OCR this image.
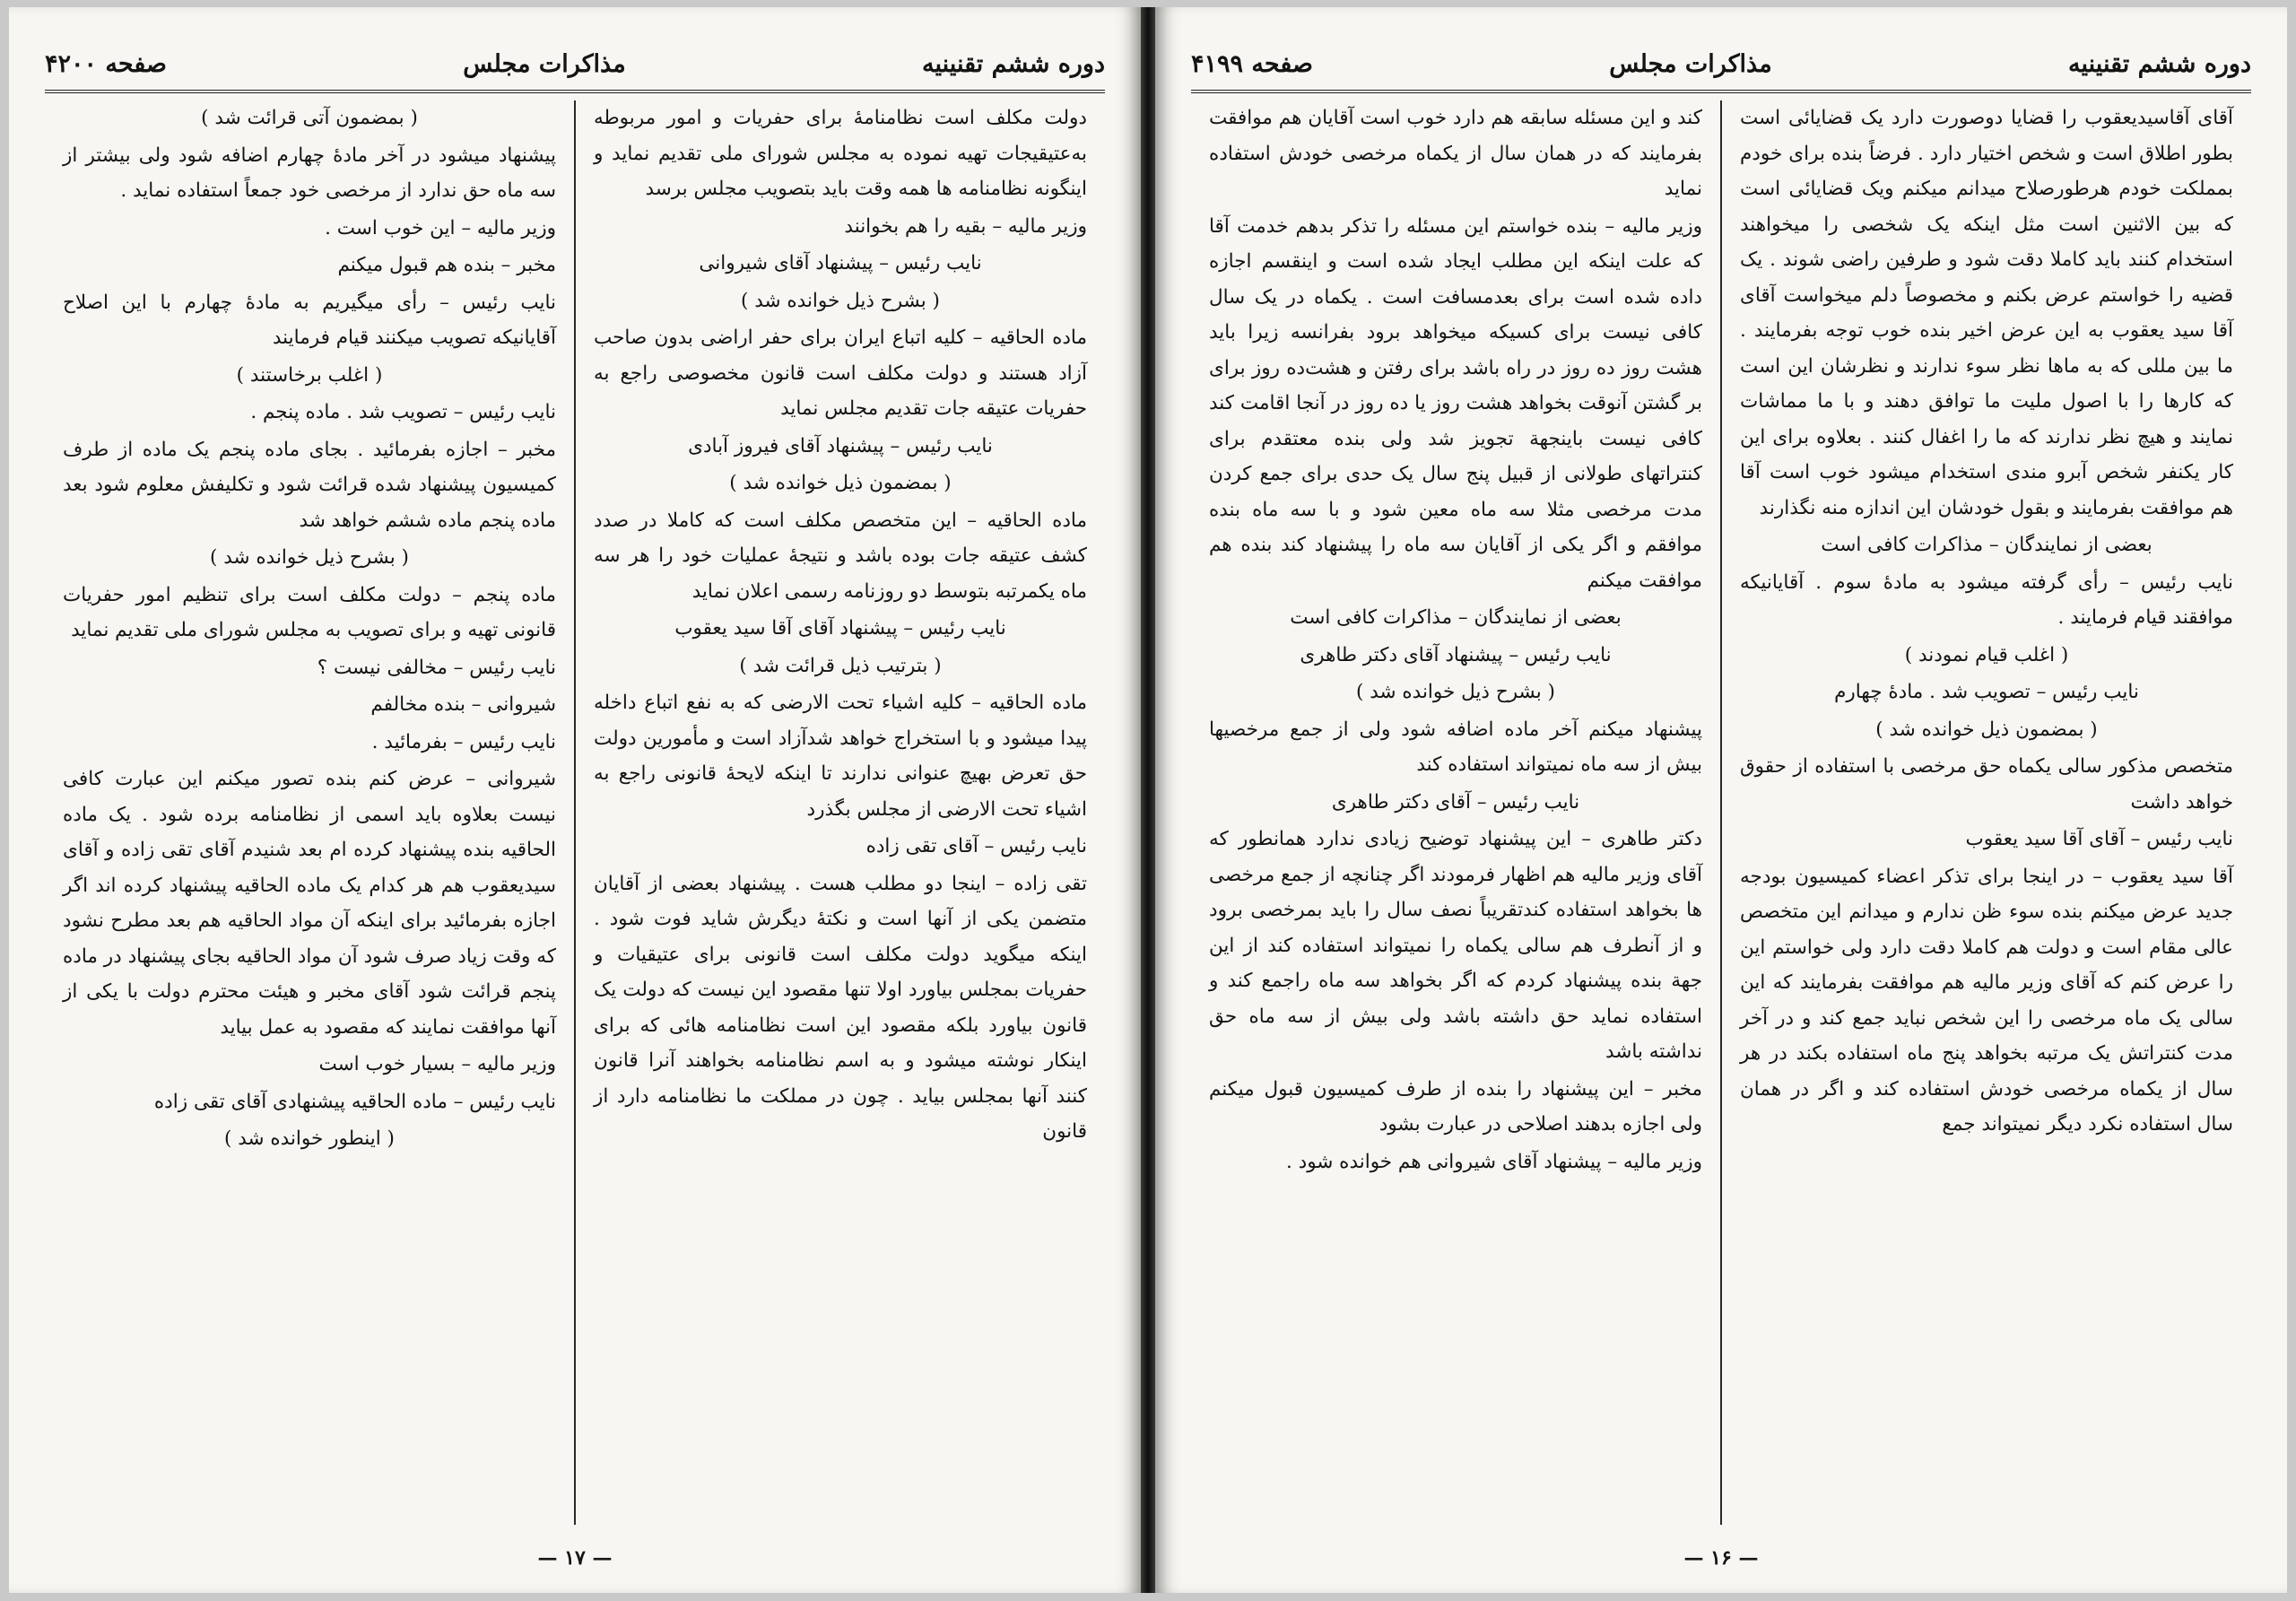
دوره ششم تقنینیه
مذاکرات مجلس
صفحه ۴۲۰۰

دولت مکلف است نظامنامهٔ برای حفریات و امور مربوطه به‌عتیقیجات تهیه نموده به مجلس شورای ملی تقدیم نماید و اینگونه نظامنامه ها همه وقت باید بتصویب مجلس برسد

وزیر مالیه – بقیه را هم بخوانند

نایب رئیس – پیشنهاد آقای شیروانی

( بشرح ذیل خوانده شد )

ماده الحاقیه – کلیه اتباع ایران برای حفر اراضی بدون صاحب آزاد هستند و دولت مکلف است قانون مخصوصی راجع به حفریات عتیقه جات تقدیم مجلس نماید

نایب رئیس – پیشنهاد آقای فیروز آبادی

( بمضمون ذیل خوانده شد )

ماده الحاقیه – این متخصص مکلف است که کاملا در صدد کشف عتیقه جات بوده باشد و نتیجهٔ عملیات خود را هر سه ماه یکمرتبه بتوسط دو روزنامه رسمی اعلان نماید

نایب رئیس – پیشنهاد آقای آقا سید یعقوب

( بترتیب ذیل قرائت شد )

ماده الحاقیه – کلیه اشیاء تحت الارضی که به نفع اتباع داخله پیدا میشود و با استخراج خواهد شدآزاد است و مأمورین دولت حق تعرض بهیچ عنوانی ندارند تا اینکه لایحهٔ قانونی راجع به اشیاء تحت الارضی از مجلس بگذرد

نایب رئیس – آقای تقی زاده

تقی زاده – اینجا دو مطلب هست . پیشنهاد بعضی از آقایان متضمن یکی از آنها است و نکتهٔ دیگرش شاید فوت شود . اینکه میگوید دولت مکلف است قانونی برای عتیقیات و حفریات بمجلس بیاورد اولا تنها مقصود این نیست که دولت یک قانون بیاورد بلکه مقصود این است نظامنامه هائی که برای اینکار نوشته میشود و به اسم نظامنامه بخواهند آنرا قانون کنند آنها بمجلس بیاید . چون در مملکت ما نظامنامه دارد از قانون

( بمضمون آتی قرائت شد )

پیشنهاد میشود در آخر مادهٔ چهارم اضافه شود ولی بیشتر از سه ماه حق ندارد از مرخصی خود جمعاً استفاده نماید .

وزیر مالیه – این خوب است .

مخبر – بنده هم قبول میکنم

نایب رئیس – رأی میگیریم به مادهٔ چهارم با این اصلاح آقایانیکه تصویب میکنند قیام فرمایند

( اغلب برخاستند )

نایب رئیس – تصویب شد . ماده پنجم .

مخبر – اجازه بفرمائید . بجای ماده پنجم یک ماده از طرف کمیسیون پیشنهاد شده قرائت شود و تکلیفش معلوم شود بعد ماده پنجم ماده ششم خواهد شد

( بشرح ذیل خوانده شد )

ماده پنجم – دولت مکلف است برای تنظیم امور حفریات قانونی تهیه و برای تصویب به مجلس شورای ملی تقدیم نماید

نایب رئیس – مخالفی نیست ؟

شیروانی – بنده مخالفم

نایب رئیس – بفرمائید .

شیروانی – عرض کنم بنده تصور میکنم این عبارت کافی نیست بعلاوه باید اسمی از نظامنامه برده شود . یک ماده الحاقیه بنده پیشنهاد کرده ام بعد شنیدم آقای تقی زاده و آقای سیدیعقوب هم هر کدام یک ماده الحاقیه پیشنهاد کرده اند اگر اجازه بفرمائید برای اینکه آن مواد الحاقیه هم بعد مطرح نشود که وقت زیاد صرف شود آن مواد الحاقیه بجای پیشنهاد در ماده پنجم قرائت شود آقای مخبر و هیئت محترم دولت با یکی از آنها موافقت نمایند که مقصود به عمل بیاید

وزیر مالیه – بسیار خوب است

نایب رئیس – ماده الحاقیه پیشنهادی آقای تقی زاده

( اینطور خوانده شد )

— ۱۷ —
دوره ششم تقنینیه
مذاکرات مجلس
صفحه ۴۱۹۹

آقای آقاسیدیعقوب را قضایا دوصورت دارد یک قضایائی است بطور اطلاق است و شخص اختیار دارد . فرضاً بنده برای خودم بمملکت خودم هرطورصلاح میدانم میکنم ویک قضایائی است که بین الاثنین است مثل اینکه یک شخصی را میخواهند استخدام کنند باید کاملا دقت شود و طرفین راضی شوند . یک قضیه را خواستم عرض بکنم و مخصوصاً دلم میخواست آقای آقا سید یعقوب به این عرض اخیر بنده خوب توجه بفرمایند . ما بین مللی که به ماها نظر سوء ندارند و نظرشان این است که کارها را با اصول ملیت ما توافق دهند و با ما مماشات نمایند و هیچ نظر ندارند که ما را اغفال کنند . بعلاوه برای این کار یکنفر شخص آبرو مندی استخدام میشود خوب است آقا هم موافقت بفرمایند و بقول خودشان این اندازه منه نگذارند

بعضی از نمایندگان – مذاکرات کافی است

نایب رئیس – رأی گرفته میشود به مادهٔ سوم . آقایانیکه موافقند قیام فرمایند .

( اغلب قیام نمودند )

نایب رئیس – تصویب شد . مادهٔ چهارم

( بمضمون ذیل خوانده شد )

متخصص مذکور سالی یکماه حق مرخصی با استفاده از حقوق خواهد داشت

نایب رئیس – آقای آقا سید یعقوب

آقا سید یعقوب – در اینجا برای تذکر اعضاء کمیسیون بودجه جدید عرض میکنم بنده سوء ظن ندارم و میدانم این متخصص عالی مقام است و دولت هم کاملا دقت دارد ولی خواستم این را عرض کنم که آقای وزیر مالیه هم موافقت بفرمایند که این سالی یک ماه مرخصی را این شخص نباید جمع کند و در آخر مدت کنتراتش یک مرتبه بخواهد پنج ماه استفاده بکند در هر سال از یکماه مرخصی خودش استفاده کند و اگر در همان سال استفاده نکرد دیگر نمیتواند جمع

کند و این مسئله سابقه هم دارد خوب است آقایان هم موافقت بفرمایند که در همان سال از یکماه مرخصی خودش استفاده نماید

وزیر مالیه – بنده خواستم این مسئله را تذکر بدهم خدمت آقا که علت اینکه این مطلب ایجاد شده است و اینقسم اجازه داده شده است برای بعدمسافت است . یکماه در یک سال کافی نیست برای کسیکه میخواهد برود بفرانسه زیرا باید هشت روز ده روز در راه باشد برای رفتن و هشت‌ده روز برای بر گشتن آنوقت بخواهد هشت روز یا ده روز در آنجا اقامت کند کافی نیست باینجهة تجویز شد ولی بنده معتقدم برای کنتراتهای طولانی از قبیل پنج سال یک حدی برای جمع کردن مدت مرخصی مثلا سه ماه معین شود و با سه ماه بنده موافقم و اگر یکی از آقایان سه ماه را پیشنهاد کند بنده هم موافقت میکنم

بعضی از نمایندگان – مذاکرات کافی است

نایب رئیس – پیشنهاد آقای دکتر طاهری

( بشرح ذیل خوانده شد )

پیشنهاد میکنم آخر ماده اضافه شود ولی از جمع مرخصیها بیش از سه ماه نمیتواند استفاده کند

نایب رئیس – آقای دکتر طاهری

دکتر طاهری – این پیشنهاد توضیح زیادی ندارد همانطور که آقای وزیر مالیه هم اظهار فرمودند اگر چنانچه از جمع مرخصی ها بخواهد استفاده کندتقریباً نصف سال را باید بمرخصی برود و از آنطرف هم سالی یکماه را نمیتواند استفاده کند از این جهة بنده پیشنهاد کردم که اگر بخواهد سه ماه راجمع کند و استفاده نماید حق داشته باشد ولی بیش از سه ماه حق نداشته باشد

مخبر – این پیشنهاد را بنده از طرف کمیسیون قبول میکنم ولی اجازه بدهند اصلاحی در عبارت بشود

وزیر مالیه – پیشنهاد آقای شیروانی هم خوانده شود .

— ۱۶ —
